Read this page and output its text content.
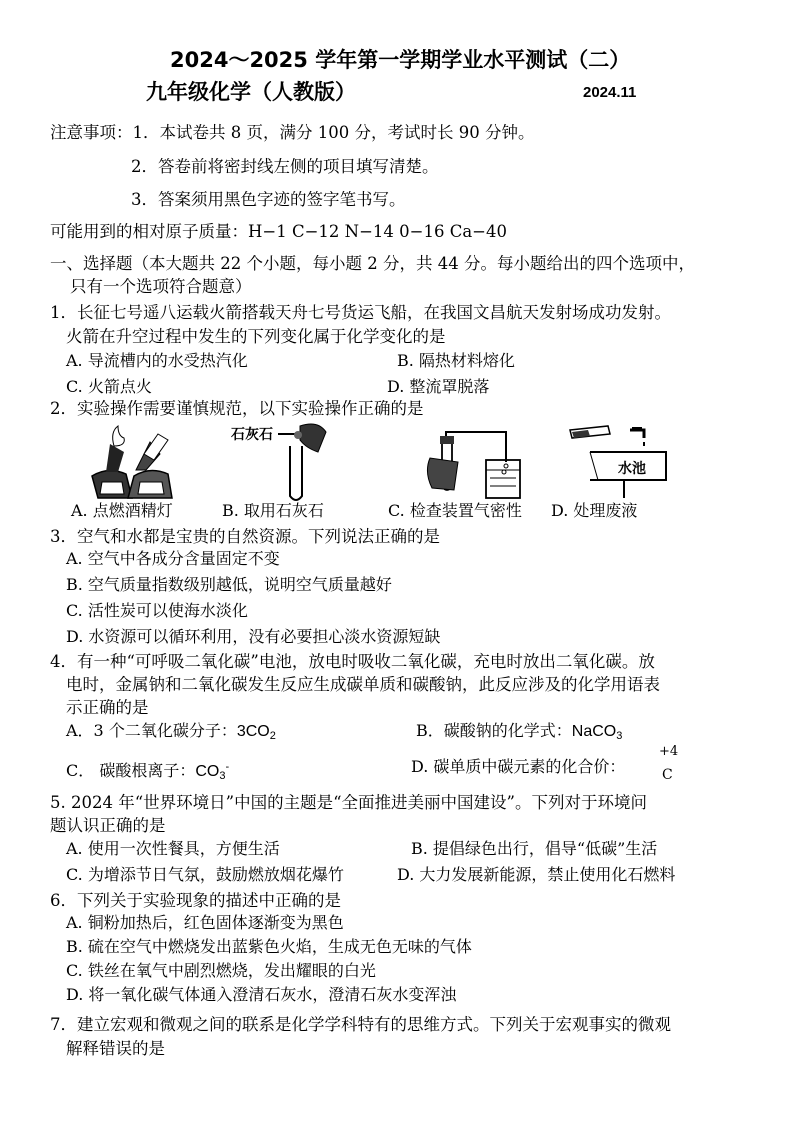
2024～2025 学年第一学期学业水平测试（二）
九年级化学（人教版）	2024.11
注意事项：1．本试卷共 8 页，满分 100 分，考试时长 90 分钟。
2．答卷前将密封线左侧的项目填写清楚。
3．答案须用黑色字迹的签字笔书写。
可能用到的相对原子质量：H−1 C−12 N−14 0−16 Ca−40
一、选择题（本大题共 22 个小题，每小题 2 分，共 44 分。每小题给出的四个选项中，
只有一个选项符合题意）
1．长征七号遥八运载火箭搭载天舟七号货运飞船，在我国文昌航天发射场成功发射。
火箭在升空过程中发生的下列变化属于化学变化的是
A. 导流槽内的水受热汽化	B. 隔热材料熔化
C. 火箭点火	D. 整流罩脱落
2．实验操作需要谨慎规范，以下实验操作正确的是
石灰石
水池
A. 点燃酒精灯	B. 取用石灰石	C. 检查装置气密性 D. 处理废液
3．空气和水都是宝贵的自然资源。下列说法正确的是
A. 空气中各成分含量固定不变
B. 空气质量指数级别越低，说明空气质量越好
C. 活性炭可以使海水淡化
D. 水资源可以循环利用，没有必要担心淡水资源短缺
4．有一种“可呼吸二氧化碳”电池，放电时吸收二氧化碳，充电时放出二氧化碳。放
电时，金属钠和二氧化碳发生反应生成碳单质和碳酸钠，此反应涉及的化学用语表
示正确的是
A．3 个二氧化碳分子：$3CO_2$	B．碳酸钠的化学式：NaCO$_3$
C． 碳酸根离子：$CO_3^-$	D. 碳单质中碳元素的化合价：
+4
C
5. 2024 年“世界环境日”中国的主题是“全面推进美丽中国建设”。下列对于环境问
题认识正确的是
A. 使用一次性餐具，方便生活	B. 提倡绿色出行，倡导“低碳”生活
C. 为增添节日气氛，鼓励燃放烟花爆竹	D. 大力发展新能源，禁止使用化石燃料
6．下列关于实验现象的描述中正确的是
A. 铜粉加热后，红色固体逐渐变为黑色
B. 硫在空气中燃烧发出蓝紫色火焰，生成无色无味的气体
C. 铁丝在氧气中剧烈燃烧，发出耀眼的白光
D. 将一氧化碳气体通入澄清石灰水，澄清石灰水变浑浊
7．建立宏观和微观之间的联系是化学学科特有的思维方式。下列关于宏观事实的微观
解释错误的是
